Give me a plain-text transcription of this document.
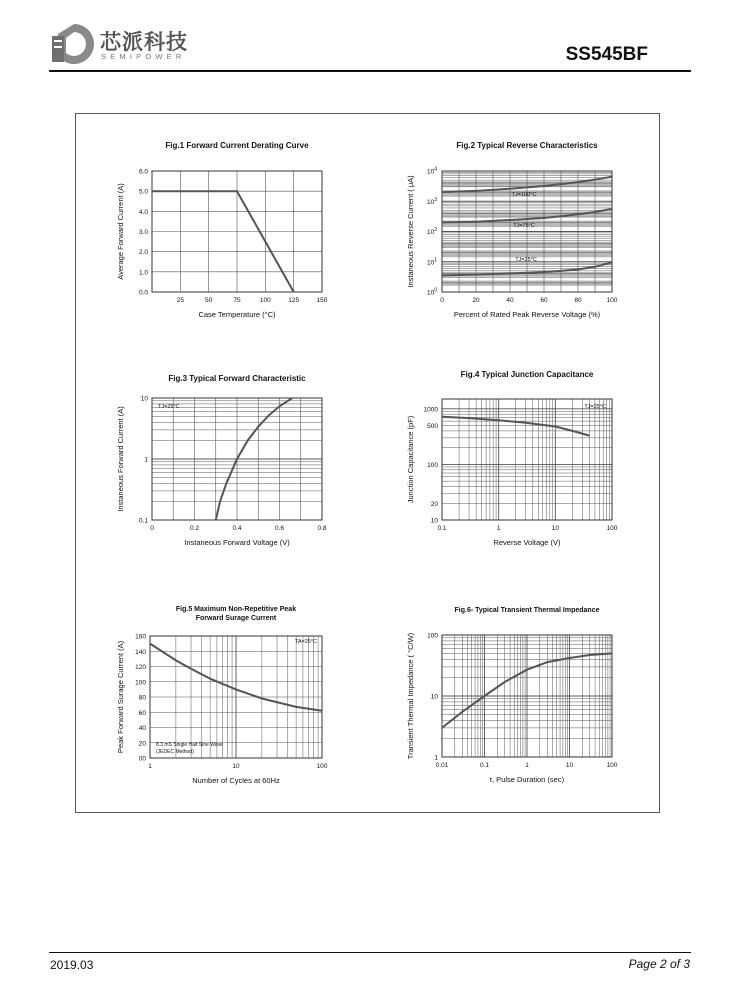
芯派科技
SEMIPOWER	SS545BF
Fig.1 Forward Current Derating Curve
25	50	75	100	125	150
0.0
1.0
2.0
3.0
4.0
5.0
6.0
Case Temperature (°C)
Average Forward Current (A)
Fig.2 Typical Reverse Characteristics
0	20	40	60	80	100
$10^0$
$10^1$
$10^2$
$10^3$
$10^4$
Percent of Rated Peak Reverse Voltage (%)
Instaneous Reverse Current ( μA)	TJ=100°C
TJ=75°C
TJ=25°C
Fig.3 Typical Forward Characteristic
0	0.2	0.4	0.6	0.8
0.1
1
10
Instaneous Forward Voltage (V)
Instaneous Forward Current (A)	TJ=25°C
Fig.4 Typical Junction Capacitance
0.1	1	10	100
10
20
100
500
1000
Reverse Voltage (V)
Junction Capacitance (pF)
TJ=25°C
Fig.5 Maximum Non-Repetitive Peak
Forward Surage Current
1	10	100
00
20
40
60
80
100
120
140
160
Number of Cycles at 60Hz
Peak Forward Surage Current (A)	TA=25°C
8.3 mS Single Half Sine Wave
(JEDEC Method)
Fig.6- Typical Transient Thermal Impedance
0.01	0.1	1	10	100
1
10
100
t, Pulse Duration (sec)
Transient Thermal Impedance ( °C/W)
2019.03	Page 2 of 3
